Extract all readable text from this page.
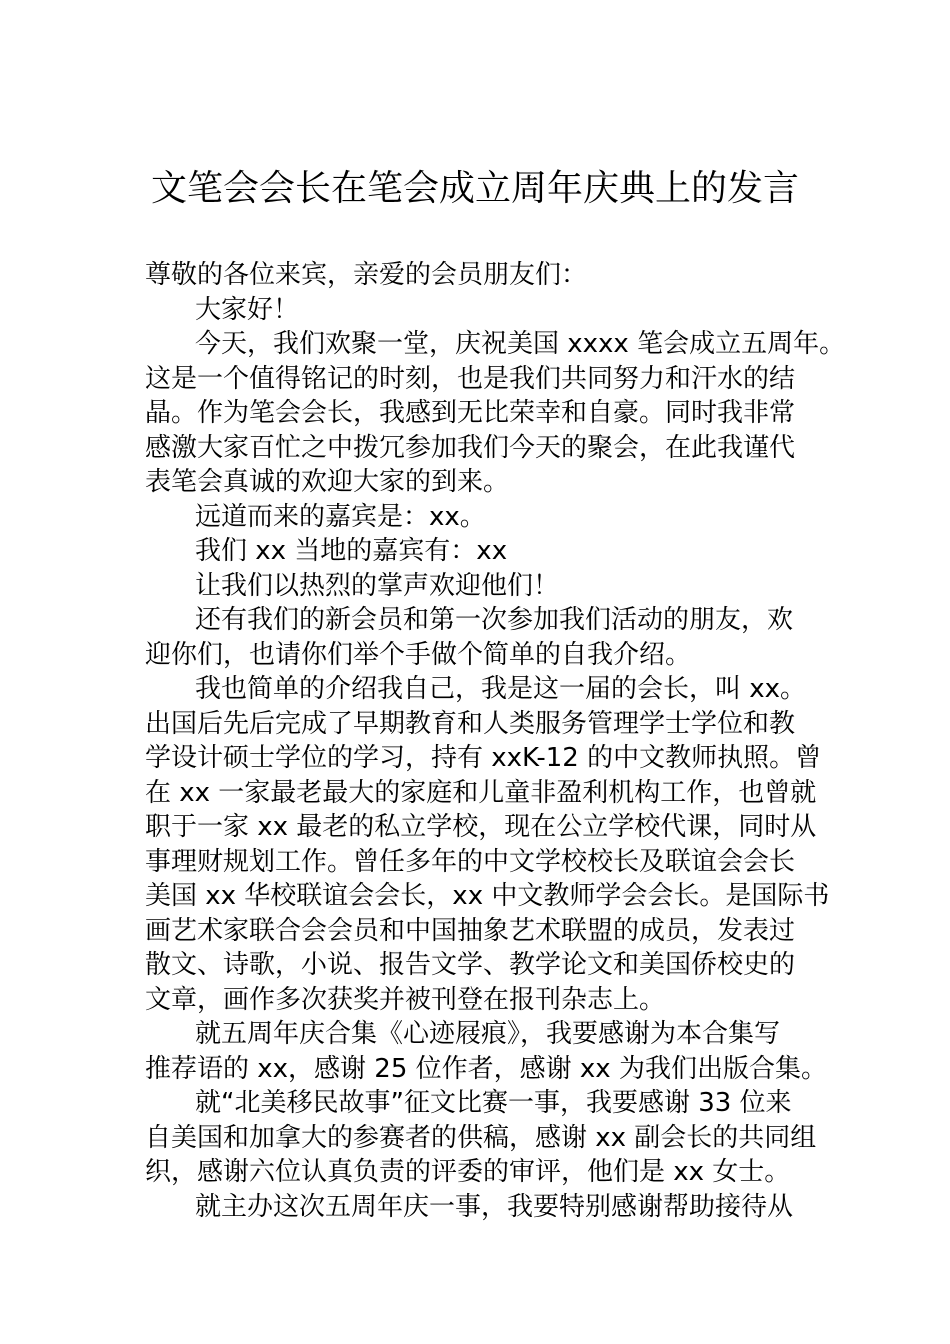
文笔会会长在笔会成立周年庆典上的发言

尊敬的各位来宾，亲爱的会员朋友们：

大家好！

今天，我们欢聚一堂，庆祝美国 xxxx 笔会成立五周年。

这是一个值得铭记的时刻，也是我们共同努力和汗水的结

晶。作为笔会会长，我感到无比荣幸和自豪。同时我非常

感激大家百忙之中拨冗参加我们今天的聚会，在此我谨代

表笔会真诚的欢迎大家的到来。

远道而来的嘉宾是：xx。

我们 xx 当地的嘉宾有：xx

让我们以热烈的掌声欢迎他们！

还有我们的新会员和第一次参加我们活动的朋友，欢

迎你们，也请你们举个手做个简单的自我介绍。

我也简单的介绍我自己，我是这一届的会长，叫 xx。

出国后先后完成了早期教育和人类服务管理学士学位和教

学设计硕士学位的学习，持有 xxK-12 的中文教师执照。曾

在 xx 一家最老最大的家庭和儿童非盈利机构工作，也曾就

职于一家 xx 最老的私立学校，现在公立学校代课，同时从

事理财规划工作。曾任多年的中文学校校长及联谊会会长

美国 xx 华校联谊会会长，xx 中文教师学会会长。是国际书

画艺术家联合会会员和中国抽象艺术联盟的成员，发表过

散文、诗歌，小说、报告文学、教学论文和美国侨校史的

文章，画作多次获奖并被刊登在报刊杂志上。

就五周年庆合集《心迹屐痕》，我要感谢为本合集写

推荐语的 xx，感谢 25 位作者，感谢 xx 为我们出版合集。

就“北美移民故事”征文比赛一事，我要感谢 33 位来

自美国和加拿大的参赛者的供稿，感谢 xx 副会长的共同组

织，感谢六位认真负责的评委的审评，他们是 xx 女士。

就主办这次五周年庆一事，我要特别感谢帮助接待从
